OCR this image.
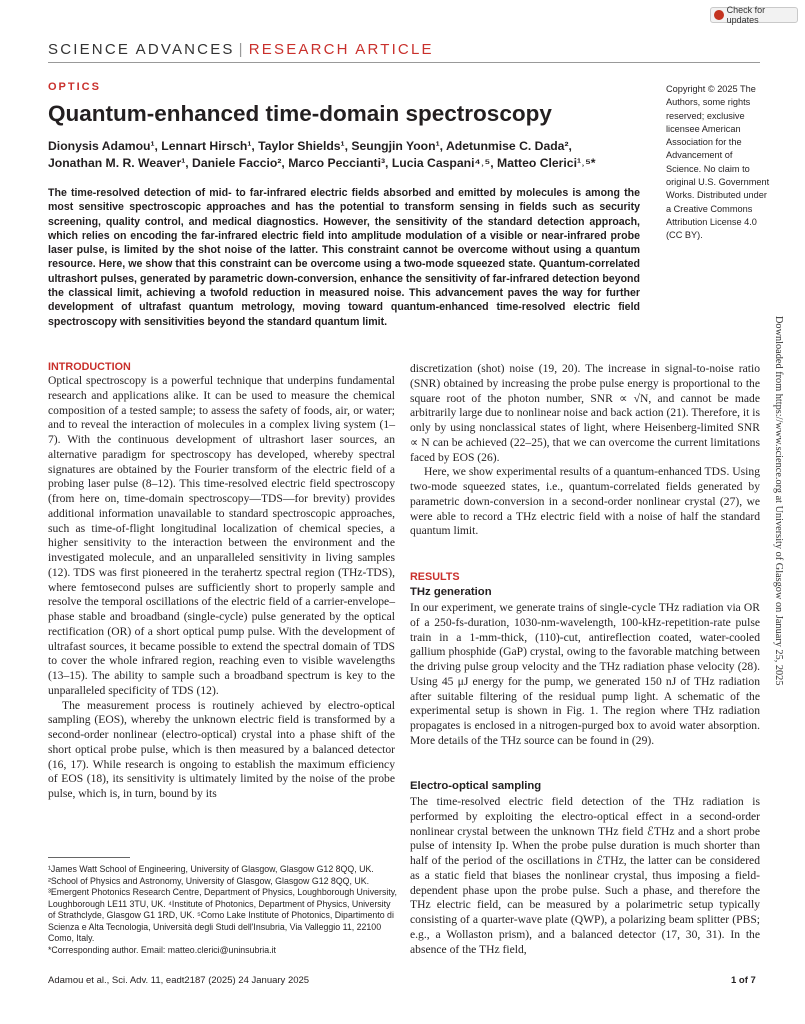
Check for updates
SCIENCE ADVANCES | RESEARCH ARTICLE
OPTICS
Quantum-enhanced time-domain spectroscopy
Dionysis Adamou¹, Lennart Hirsch¹, Taylor Shields¹, Seungjin Yoon¹, Adetunmise C. Dada²,
Jonathan M. R. Weaver¹, Daniele Faccio², Marco Peccianti³, Lucia Caspani⁴˒⁵, Matteo Clerici¹˒⁵*
The time-resolved detection of mid- to far-infrared electric fields absorbed and emitted by molecules is among the most sensitive spectroscopic approaches and has the potential to transform sensing in fields such as security screening, quality control, and medical diagnostics. However, the sensitivity of the standard detection approach, which relies on encoding the far-infrared electric field into amplitude modulation of a visible or near-infrared probe laser pulse, is limited by the shot noise of the latter. This constraint cannot be overcome without using a quantum resource. Here, we show that this constraint can be overcome using a two-mode squeezed state. Quantum-correlated ultrashort pulses, generated by parametric down-conversion, enhance the sensitivity of far-infrared detection beyond the classical limit, achieving a twofold reduction in measured noise. This advancement paves the way for further development of ultrafast quantum metrology, moving toward quantum-enhanced time-resolved electric field spectroscopy with sensitivities beyond the standard quantum limit.
Copyright © 2025 The Authors, some rights reserved; exclusive licensee American Association for the Advancement of Science. No claim to original U.S. Government Works. Distributed under a Creative Commons Attribution License 4.0 (CC BY).
Downloaded from https://www.science.org at University of Glasgow on January 25, 2025
INTRODUCTION

Optical spectroscopy is a powerful technique that underpins fundamental research and applications alike. It can be used to measure the chemical composition of a tested sample; to assess the safety of foods, air, or water; and to reveal the interaction of molecules in a complex living system (1–7). With the continuous development of ultrashort laser sources, an alternative paradigm for spectroscopy has developed, whereby spectral signatures are obtained by the Fourier transform of the electric field of a probing laser pulse (8–12). This time-resolved electric field spectroscopy (from here on, time-domain spectroscopy—TDS—for brevity) provides additional information unavailable to standard spectroscopic approaches, such as time-of-flight longitudinal localization of chemical species, a higher sensitivity to the interaction between the environment and the investigated molecule, and an unparalleled sensitivity in living samples (12). TDS was first pioneered in the terahertz spectral region (THz-TDS), where femtosecond pulses are sufficiently short to properly sample and resolve the temporal oscillations of the electric field of a carrier-envelope–phase stable and broadband (single-cycle) pulse generated by the optical rectification (OR) of a short optical pump pulse. With the development of ultrafast sources, it became possible to extend the spectral domain of TDS to cover the whole infrared region, reaching even to visible wavelengths (13–15). The ability to sample such a broadband spectrum is key to the unparalleled specificity of TDS (12).

The measurement process is routinely achieved by electro-optical sampling (EOS), whereby the unknown electric field is transformed by a second-order nonlinear (electro-optical) crystal into a phase shift of the short optical probe pulse, which is then measured by a balanced detector (16, 17). While research is ongoing to establish the maximum efficiency of EOS (18), its sensitivity is ultimately limited by the noise of the probe pulse, which is, in turn, bound by its

discretization (shot) noise (19, 20). The increase in signal-to-noise ratio (SNR) obtained by increasing the probe pulse energy is proportional to the square root of the photon number, SNR ∝ √N, and cannot be made arbitrarily large due to nonlinear noise and back action (21). Therefore, it is only by using nonclassical states of light, where Heisenberg-limited SNR ∝ N can be achieved (22–25), that we can overcome the current limitations faced by EOS (26).

Here, we show experimental results of a quantum-enhanced TDS. Using two-mode squeezed states, i.e., quantum-correlated fields generated by parametric down-conversion in a second-order nonlinear crystal (27), we were able to record a THz electric field with a noise of half the standard quantum limit.

RESULTS
THz generation

In our experiment, we generate trains of single-cycle THz radiation via OR of a 250-fs-duration, 1030-nm-wavelength, 100-kHz-repetition-rate pulse train in a 1-mm-thick, (110)-cut, antireflection coated, water-cooled gallium phosphide (GaP) crystal, owing to the favorable matching between the driving pulse group velocity and the THz radiation phase velocity (28). Using 45 μJ energy for the pump, we generated 150 nJ of THz radiation after suitable filtering of the residual pump light. A schematic of the experimental setup is shown in Fig. 1. The region where THz radiation propagates is enclosed in a nitrogen-purged box to avoid water absorption. More details of the THz source can be found in (29).

Electro-optical sampling

The time-resolved electric field detection of the THz radiation is performed by exploiting the electro-optical effect in a second-order nonlinear crystal between the unknown THz field ℰTHz and a short probe pulse of intensity Ip. When the probe pulse duration is much shorter than half of the period of the oscillations in ℰTHz, the latter can be considered as a static field that biases the nonlinear crystal, thus imposing a field-dependent phase upon the probe pulse. Such a phase, and therefore the THz electric field, can be measured by a polarimetric setup typically consisting of a quarter-wave plate (QWP), a polarizing beam splitter (PBS; e.g., a Wollaston prism), and a balanced detector (17, 30, 31). In the absence of the THz field,

¹James Watt School of Engineering, University of Glasgow, Glasgow G12 8QQ, UK. ²School of Physics and Astronomy, University of Glasgow, Glasgow G12 8QQ, UK. ³Emergent Photonics Research Centre, Department of Physics, Loughborough University, Loughborough LE11 3TU, UK. ⁴Institute of Photonics, Department of Physics, University of Strathclyde, Glasgow G1 1RD, UK. ⁵Como Lake Institute of Photonics, Dipartimento di Scienza e Alta Tecnologia, Università degli Studi dell'Insubria, Via Valleggio 11, 22100 Como, Italy.
*Corresponding author. Email: matteo.clerici@uninsubria.it
Adamou et al., Sci. Adv. 11, eadt2187 (2025) 24 January 2025	1 of 7
